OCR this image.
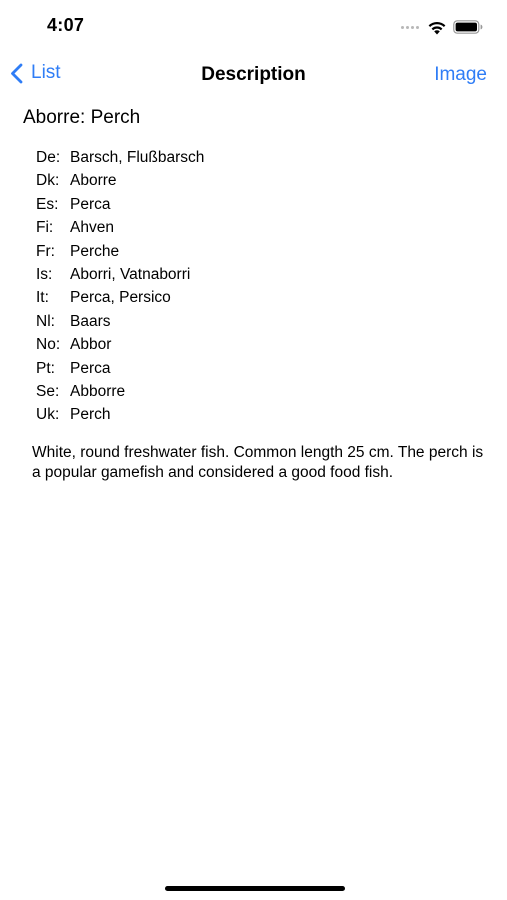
4:07
List	Description	Image
Aborre: Perch
De: Barsch, Flußbarsch
Dk: Aborre
Es: Perca
Fi:	Ahven
Fr: Perche
Is:	Aborri, Vatnaborri
It:	Perca, Persico
Nl: Baars
No: Abbor
Pt: Perca
Se: Abborre
Uk: Perch
White, round freshwater fish. Common length 25 cm. The perch is a popular gamefish and considered a good food fish.
